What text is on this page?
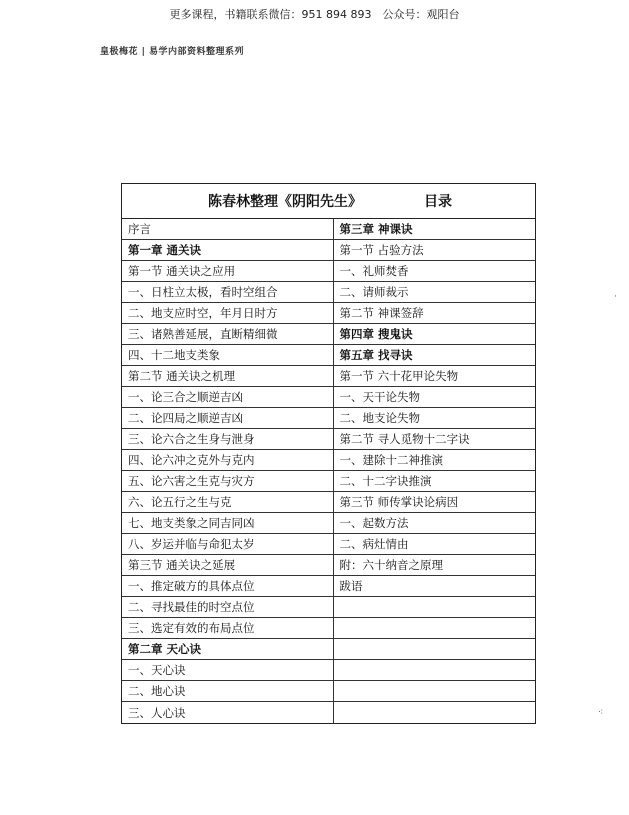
更多课程，书籍联系微信：951 894 893　公众号：观阳台
皇极梅花 | 易学内部资料整理系列
·
⁖
陈春林整理《阴阳先生》	目录
序言	第三章 神课诀
第一章 通关诀	第一节 占验方法
第一节 通关诀之应用	一、礼师焚香
一、日柱立太极，看时空组合	二、请师裁示
二、地支应时空，年月日时方	第二节 神课签辞
三、诸熟善延展，直断精细微	第四章 搜鬼诀
四、十二地支类象	第五章 找寻诀
第二节 通关诀之机理	第一节 六十花甲论失物
一、论三合之顺逆吉凶	一、天干论失物
二、论四局之顺逆吉凶	二、地支论失物
三、论六合之生身与泄身	第二节 寻人觅物十二字诀
四、论六冲之克外与克内	一、建除十二神推演
五、论六害之生克与灾方	二、十二字诀推演
六、论五行之生与克	第三节 师传掌诀论病因
七、地支类象之同吉同凶	一、起数方法
八、岁运并临与命犯太岁	二、病灶情由
第三节 通关诀之延展	附：六十纳音之原理
一、推定破方的具体点位	跋语
二、寻找最佳的时空点位	
三、选定有效的布局点位	
第二章 天心诀	
一、天心诀	
二、地心诀	
三、人心诀	
